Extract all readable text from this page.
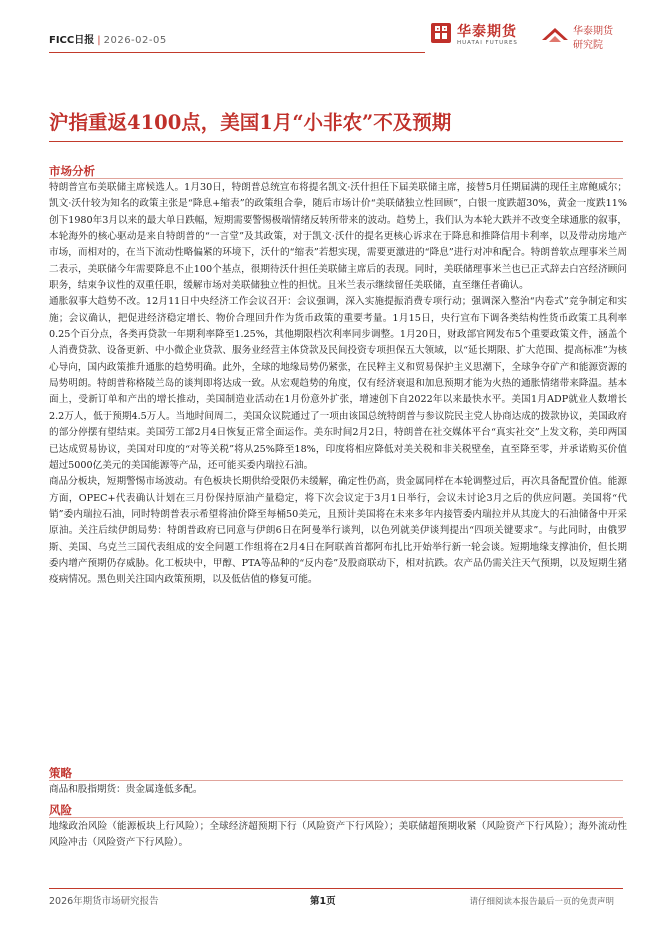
FICC日报 | 2026-02-05
华泰期货
HUATAI FUTURES
华泰期货
研究院
沪指重返4100点，美国1月“小非农”不及预期
市场分析

特朗普宣布美联储主席候选人。1月30日，特朗普总统宣布将提名凯文·沃什担任下届美联储主席，接替5月任期届满的现任主席鲍威尔；凯文·沃什较为知名的政策主张是“降息+缩表”的政策组合拳，随后市场计价“美联储独立性回顾”，白银一度跌超30%，黄金一度跌11%创下1980年3月以来的最大单日跌幅，短期需要警惕极端情绪反转所带来的波动。趋势上，我们认为本轮大跌并不改变全球通胀的叙事，本轮海外的核心驱动是来自特朗普的“一言堂”及其政策，对于凯文·沃什的提名更核心诉求在于降息和推降信用卡利率，以及带动房地产市场，而相对的，在当下流动性略偏紧的环境下，沃什的“缩表”若想实现，需要更激进的“降息”进行对冲和配合。特朗普软点理事米兰周二表示，美联储今年需要降息不止100个基点，很期待沃什担任美联储主席后的表现。同时，美联储理事米兰也已正式辞去白宫经济顾问职务，结束争议性的双重任职，缓解市场对美联储独立性的担忧。且米兰表示继续留任美联储，直至继任者确认。

通胀叙事大趋势不改。12月11日中央经济工作会议召开：会议强调，深入实施提振消费专项行动；强调深入整治“内卷式”竞争制定和实施；会议确认，把促进经济稳定增长、物价合理回升作为货币政策的重要考量。1月15日，央行宣布下调各类结构性货币政策工具利率0.25个百分点，各类再贷款一年期利率降至1.25%，其他期限档次利率同步调整。1月20日，财政部官网发布5个重要政策文件，涵盖个人消费贷款、设备更新、中小微企业贷款、服务业经营主体贷款及民间投资专项担保五大领域，以“延长期限、扩大范围、提高标准”为核心导向，国内政策推升通胀的趋势明确。此外，全球的地缘局势仍紧张，在民粹主义和贸易保护主义思潮下，全球争夺矿产和能源资源的局势明朗。特朗普称格陵兰岛的谈判即将达成一致。从宏观趋势的角度，仅有经济衰退和加息预期才能为火热的通胀情绪带来降温。基本面上，受新订单和产出的增长推动，美国制造业活动在1月份意外扩张，增速创下自2022年以来最快水平。美国1月ADP就业人数增长 2.2万人，低于预期4.5万人。当地时间周二，美国众议院通过了一项由该国总统特朗普与参议院民主党人协商达成的拨款协议，美国政府的部分停摆有望结束。美国劳工部2月4日恢复正常全面运作。美东时间2月2日，特朗普在社交媒体平台“真实社交”上发文称，美印两国已达成贸易协议，美国对印度的“对等关税”将从25%降至18%，印度将相应降低对美关税和非关税壁垒，直至降至零，并承诺购买价值超过5000亿美元的美国能源等产品，还可能买委内瑞拉石油。

商品分板块，短期警惕市场波动。有色板块长期供给受限仍未缓解，确定性仍高，贵金属同样在本轮调整过后，再次具备配置价值。能源方面，OPEC+代表确认计划在三月份保持原油产量稳定，将下次会议定于3月1日举行，会议未讨论3月之后的供应问题。美国将“代销”委内瑞拉石油，同时特朗普表示希望将油价降至每桶50美元，且预计美国将在未来多年内接管委内瑞拉并从其庞大的石油储备中开采原油。关注后续伊朗局势：特朗普政府已同意与伊朗6日在阿曼举行谈判，以色列就美伊谈判提出“四项关键要求”。与此同时，由俄罗斯、美国、乌克兰三国代表组成的安全问题工作组将在2月4日在阿联酋首都阿布扎比开始举行新一轮会谈。短期地缘支撑油价，但长期委内增产预期仍存威胁。化工板块中，甲醇、PTA等品种的“反内卷”及股商联动下，相对抗跌。农产品仍需关注天气预期，以及短期生猪疫病情况。黑色则关注国内政策预期，以及低估值的修复可能。

策略

商品和股指期货：贵金属逢低多配。

风险

地缘政治风险（能源板块上行风险）；全球经济超预期下行（风险资产下行风险）；美联储超预期收紧（风险资产下行风险）；海外流动性风险冲击（风险资产下行风险）。

2026年期货市场研究报告	第1页	请仔细阅读本报告最后一页的免责声明
